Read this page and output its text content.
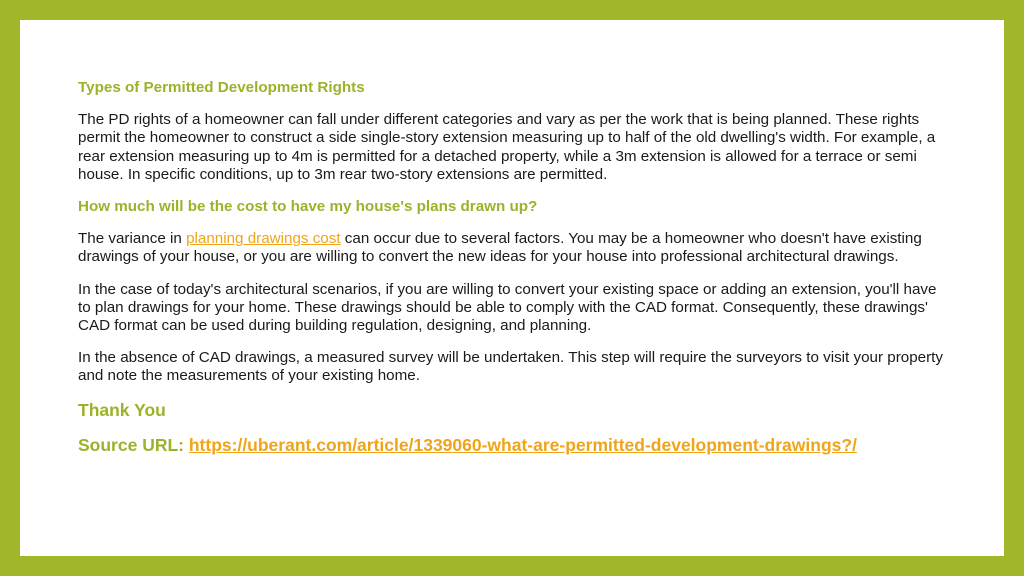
Types of Permitted Development Rights

The PD rights of a homeowner can fall under different categories and vary as per the work that is being planned. These rights permit the homeowner to construct a side single-story extension measuring up to half of the old dwelling's width. For example, a rear extension measuring up to 4m is permitted for a detached property, while a 3m extension is allowed for a terrace or semi house. In specific conditions, up to 3m rear two-story extensions are permitted.

How much will be the cost to have my house's plans drawn up?

The variance in planning drawings cost can occur due to several factors. You may be a homeowner who doesn't have existing drawings of your house, or you are willing to convert the new ideas for your house into professional architectural drawings.

In the case of today's architectural scenarios, if you are willing to convert your existing space or adding an extension, you'll have to plan drawings for your home. These drawings should be able to comply with the CAD format. Consequently, these drawings' CAD format can be used during building regulation, designing, and planning.

In the absence of CAD drawings, a measured survey will be undertaken. This step will require the surveyors to visit your property and note the measurements of your existing home.

Thank You
Source URL: https://uberant.com/article/1339060-what-are-permitted-development-drawings?/
